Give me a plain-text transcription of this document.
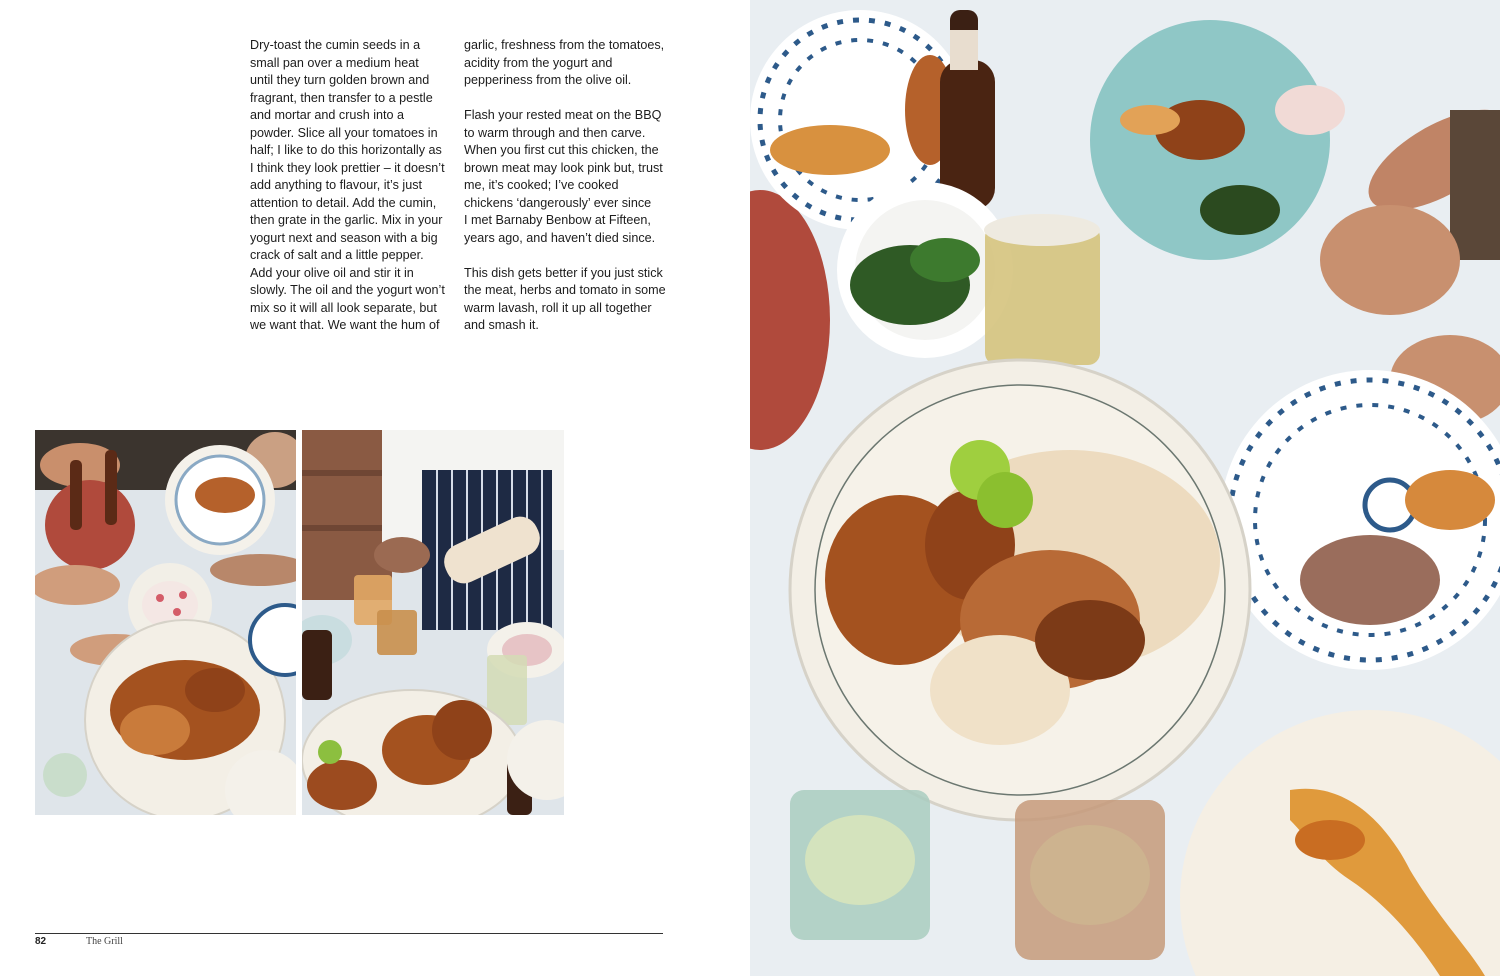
Dry-toast the cumin seeds in a
small pan over a medium heat
until they turn golden brown and
fragrant, then transfer to a pestle
and mortar and crush into a
powder. Slice all your tomatoes in
half; I like to do this horizontally as
I think they look prettier – it doesn’t
add anything to flavour, it’s just
attention to detail. Add the cumin,
then grate in the garlic. Mix in your
yogurt next and season with a big
crack of salt and a little pepper.
Add your olive oil and stir it in
slowly. The oil and the yogurt won’t
mix so it will all look separate, but
we want that. We want the hum of

garlic, freshness from the tomatoes,
acidity from the yogurt and
pepperiness from the olive oil.

Flash your rested meat on the BBQ
to warm through and then carve.
When you first cut this chicken, the
brown meat may look pink but, trust
me, it’s cooked; I’ve cooked
chickens ‘dangerously’ ever since
I met Barnaby Benbow at Fifteen,
years ago, and haven’t died since.

This dish gets better if you just stick
the meat, herbs and tomato in some
warm lavash, roll it up all together
and smash it.

82	The Grill
